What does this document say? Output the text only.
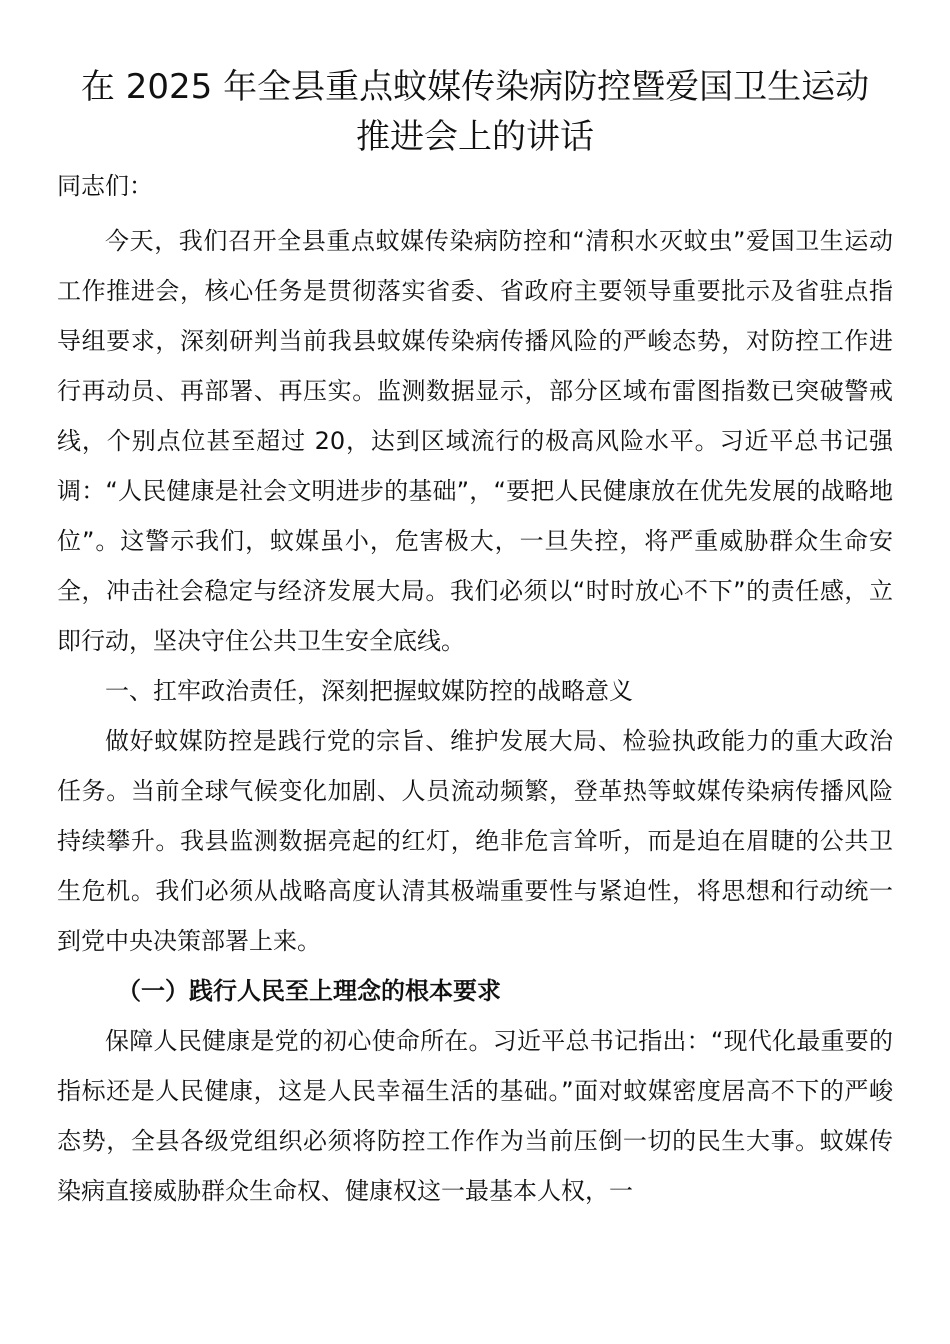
在 2025 年全县重点蚊媒传染病防控暨爱国卫生运动
推进会上的讲话

同志们：

今天，我们召开全县重点蚊媒传染病防控和“清积水灭蚊虫”爱国卫生运动工作推进会，核心任务是贯彻落实省委、省政府主要领导重要批示及省驻点指导组要求，深刻研判当前我县蚊媒传染病传播风险的严峻态势，对防控工作进行再动员、再部署、再压实。监测数据显示，部分区域布雷图指数已突破警戒线，个别点位甚至超过 20，达到区域流行的极高风险水平。习近平总书记强调：“人民健康是社会文明进步的基础”，“要把人民健康放在优先发展的战略地位”。这警示我们，蚊媒虽小，危害极大，一旦失控，将严重威胁群众生命安全，冲击社会稳定与经济发展大局。我们必须以“时时放心不下”的责任感，立即行动，坚决守住公共卫生安全底线。

一、扛牢政治责任，深刻把握蚊媒防控的战略意义

做好蚊媒防控是践行党的宗旨、维护发展大局、检验执政能力的重大政治任务。当前全球气候变化加剧、人员流动频繁，登革热等蚊媒传染病传播风险持续攀升。我县监测数据亮起的红灯，绝非危言耸听，而是迫在眉睫的公共卫生危机。我们必须从战略高度认清其极端重要性与紧迫性，将思想和行动统一到党中央决策部署上来。

（一）践行人民至上理念的根本要求

保障人民健康是党的初心使命所在。习近平总书记指出：“现代化最重要的指标还是人民健康，这是人民幸福生活的基础。”面对蚊媒密度居高不下的严峻态势，全县各级党组织必须将防控工作作为当前压倒一切的民生大事。蚊媒传染病直接威胁群众生命权、健康权这一最基本人权，一
